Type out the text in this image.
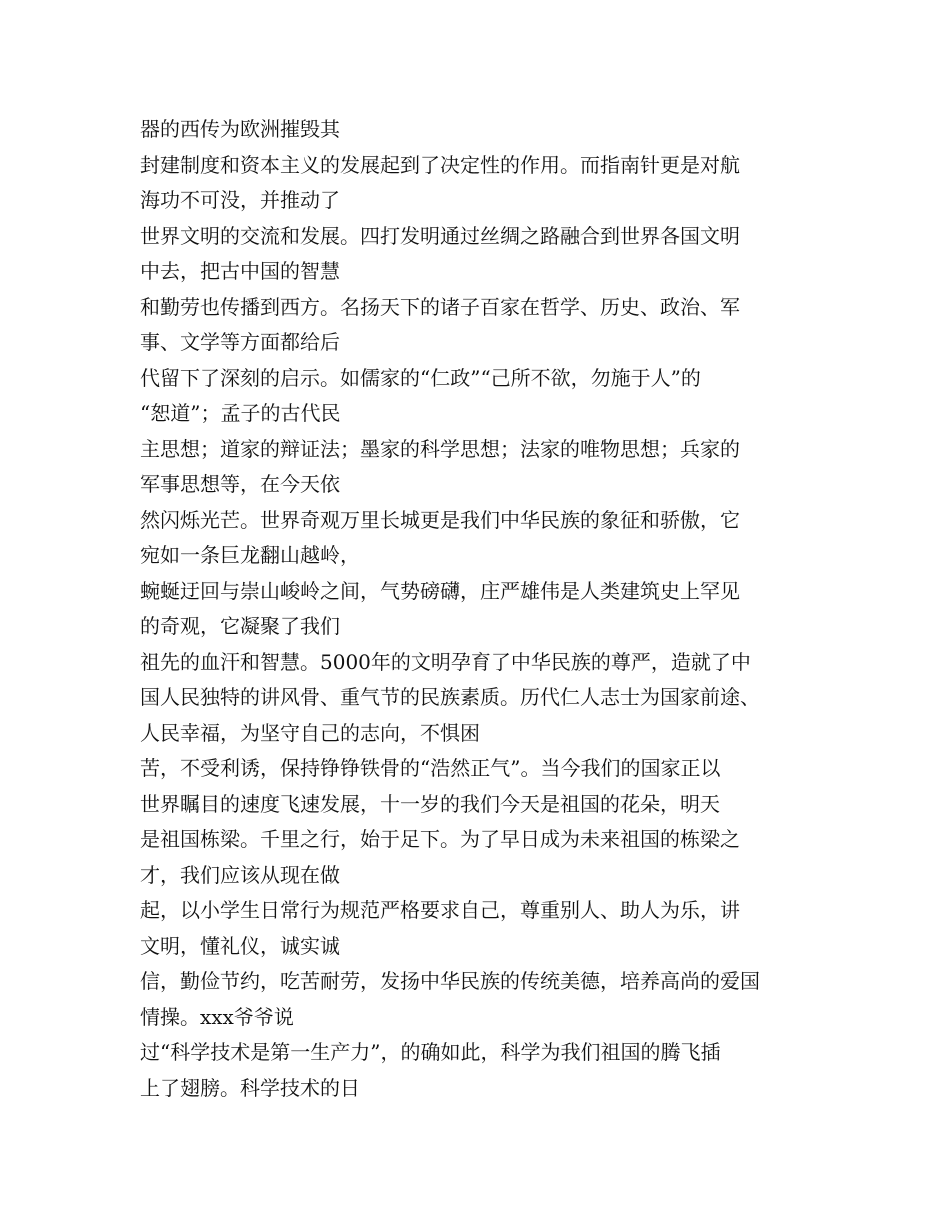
器的西传为欧洲摧毁其
封建制度和资本主义的发展起到了决定性的作用。而指南针更是对航
海功不可没，并推动了
世界文明的交流和发展。四打发明通过丝绸之路融合到世界各国文明
中去，把古中国的智慧
和勤劳也传播到西方。名扬天下的诸子百家在哲学、历史、政治、军
事、文学等方面都给后
代留下了深刻的启示。如儒家的“仁政”“己所不欲，勿施于人”的
“恕道”；孟子的古代民
主思想；道家的辩证法；墨家的科学思想；法家的唯物思想；兵家的
军事思想等，在今天依
然闪烁光芒。世界奇观万里长城更是我们中华民族的象征和骄傲，它
宛如一条巨龙翻山越岭，
蜿蜒迂回与崇山峻岭之间，气势磅礴，庄严雄伟是人类建筑史上罕见
的奇观，它凝聚了我们
祖先的血汗和智慧。5000年的文明孕育了中华民族的尊严，造就了中
国人民独特的讲风骨、重气节的民族素质。历代仁人志士为国家前途、
人民幸福，为坚守自己的志向，不惧困
苦，不受利诱，保持铮铮铁骨的“浩然正气”。当今我们的国家正以
世界瞩目的速度飞速发展，十一岁的我们今天是祖国的花朵，明天
是祖国栋梁。千里之行，始于足下。为了早日成为未来祖国的栋梁之
才，我们应该从现在做
起，以小学生日常行为规范严格要求自己，尊重别人、助人为乐，讲
文明，懂礼仪，诚实诚
信，勤俭节约，吃苦耐劳，发扬中华民族的传统美德，培养高尚的爱国
情操。xxx爷爷说
过“科学技术是第一生产力”，的确如此，科学为我们祖国的腾飞插
上了翅膀。科学技术的日
